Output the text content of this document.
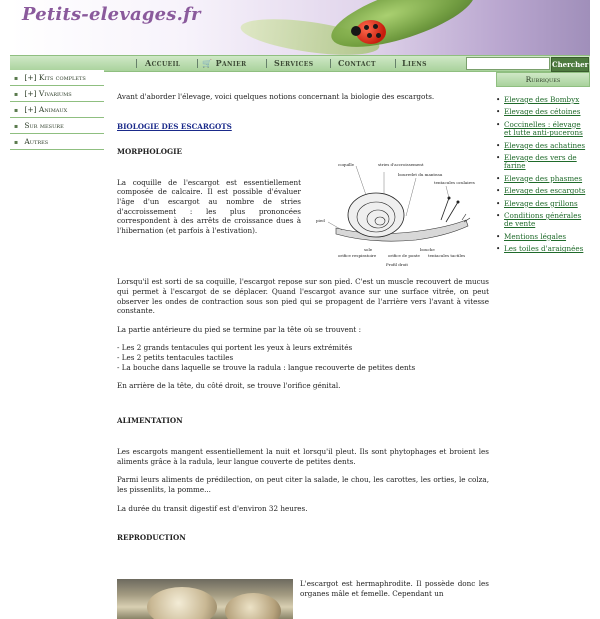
Petits-elevages.fr
Accueil	🛒 Panier	Services	Contact	Liens	Chercher
▪ [+] Kits complets
▪ [+] Vivariums
▪ [+] Animaux
▪ Sur mesure
▪ Autres

Avant d'aborder l'élevage, voici quelques notions concernant la biologie des escargots.

BIOLOGIE DES ESCARGOTS
MORPHOLOGIE

La coquille de l'escargot est essentiellement composée de calcaire. Il est possible d'évaluer l'âge d'un escargot au nombre de stries d'accroissement : les plus prononcées correspondent à des arrêts de croissance dues à l'hibernation (et parfois à l'estivation).

coquille	stries d'accroissement
bourrelet du manteau
tentacules oculaires
pied
sole
orifice respiratoire	orifice de ponte tentacules tactiles
bouche
Profil droit

Lorsqu'il est sorti de sa coquille, l'escargot repose sur son pied. C'est un muscle recouvert de mucus qui permet à l'escargot de se déplacer. Quand l'escargot avance sur une surface vitrée, on peut observer les ondes de contraction sous son pied qui se propagent de l'arrière vers l'avant à vitesse constante.

La partie antérieure du pied se termine par la tête où se trouvent :

- Les 2 grands tentacules qui portent les yeux à leurs extrémités
- Les 2 petits tentacules tactiles
- La bouche dans laquelle se trouve la radula : langue recouverte de petites dents

En arrière de la tête, du côté droit, se trouve l'orifice génital.

ALIMENTATION

Les escargots mangent essentiellement la nuit et lorsqu'il pleut. Ils sont phytophages et broient les aliments grâce à la radula, leur langue couverte de petites dents.

Parmi leurs aliments de prédilection, on peut citer la salade, le chou, les carottes, les orties, le colza, les pissenlits, la pomme...

La durée du transit digestif est d'environ 32 heures.

REPRODUCTION

L'escargot est hermaphrodite. Il possède donc les organes mâle et femelle. Cependant un

Rubriques
• Elevage des Bombyx
• Elevage des cétoines
• Coccinelles : élevage et lutte anti-pucerons
• Elevage des achatines
• Elevage des vers de farine
• Elevage des phasmes
• Elevage des escargots
• Elevage des grillons
• Conditions générales de vente
• Mentions légales
• Les toiles d'araignées
